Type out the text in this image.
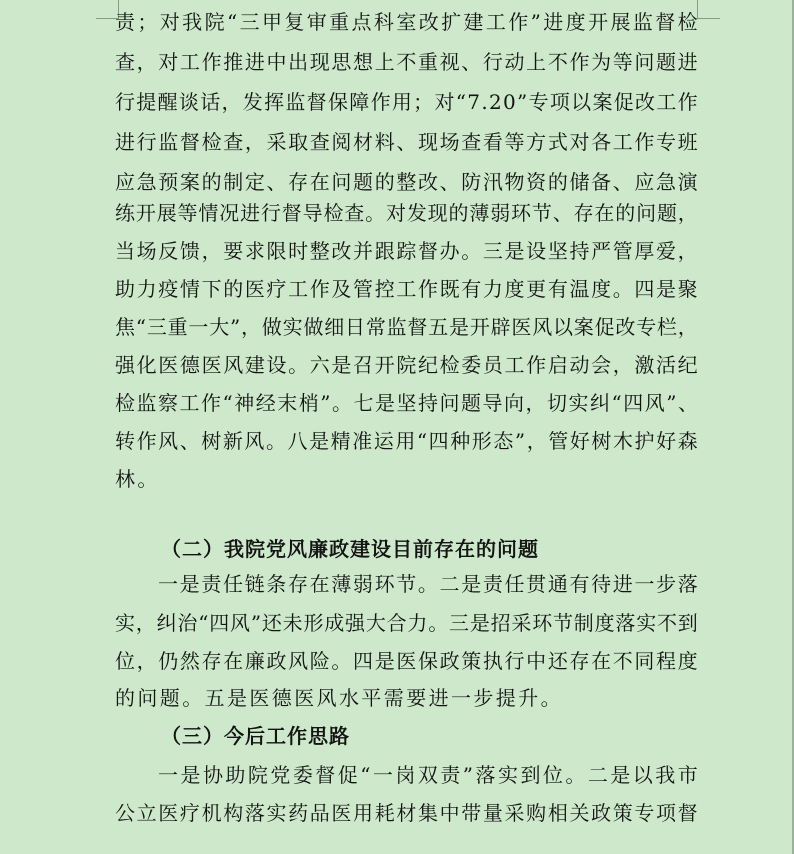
责 ； 对 我 院 “ 三 甲 复 审 重 点 科 室 改 扩 建 工 作 ” 进 度 开 展 监 督 检
查 ， 对 工 作 推 进 中 出 现 思 想 上 不 重 视 、 行 动 上 不 作 为 等 问 题 进
行 提 醒 谈 话 ， 发 挥 监 督 保 障 作 用 ； 对 “ 7 . 2 0 ” 专 项 以 案 促 改 工 作
进 行 监 督 检 查 ， 采 取 查 阅 材 料 、 现 场 查 看 等 方 式 对 各 工 作 专 班
应 急 预 案 的 制 定 、 存 在 问 题 的 整 改 、 防 汛 物 资 的 储 备 、 应 急 演
练 开 展 等 情 况 进 行 督 导 检 查 。 对 发 现 的 薄 弱 环 节 、 存 在 的 问 题 ，
当 场 反 馈 ， 要 求 限 时 整 改 并 跟 踪 督 办 。 三 是 设 坚 持 严 管 厚 爱 ，
助 力 疫 情 下 的 医 疗 工 作 及 管 控 工 作 既 有 力 度 更 有 温 度 。 四 是 聚
焦 “ 三 重 一 大 ” ， 做 实 做 细 日 常 监 督 五 是 开 辟 医 风 以 案 促 改 专 栏 ，
强 化 医 德 医 风 建 设 。 六 是 召 开 院 纪 检 委 员 工 作 启 动 会 ， 激 活 纪
检 监 察 工 作 “ 神 经 末 梢 ” 。 七 是 坚 持 问 题 导 向 ， 切 实 纠 “ 四 风 ” 、
转 作 风 、 树 新 风 。 八 是 精 准 运 用 “ 四 种 形 态 ” ， 管 好 树 木 护 好 森
林。
（二）我院党风廉政建设目前存在的问题
一 是 责 任 链 条 存 在 薄 弱 环 节 。 二 是 责 任 贯 通 有 待 进 一 步 落
实 ， 纠 治 “ 四 风 ” 还 未 形 成 强 大 合 力 。 三 是 招 采 环 节 制 度 落 实 不 到
位 ， 仍 然 存 在 廉 政 风 险 。 四 是 医 保 政 策 执 行 中 还 存 在 不 同 程 度
的问题。五是医德医风水平需要进一步提升。
（三）今后工作思路
一 是 协 助 院 党 委 督 促 “ 一 岗 双 责 ” 落 实 到 位 。 二 是 以 我 市
公 立 医 疗 机 构 落 实 药 品 医 用 耗 材 集 中 带 量 采 购 相 关 政 策 专 项 督
